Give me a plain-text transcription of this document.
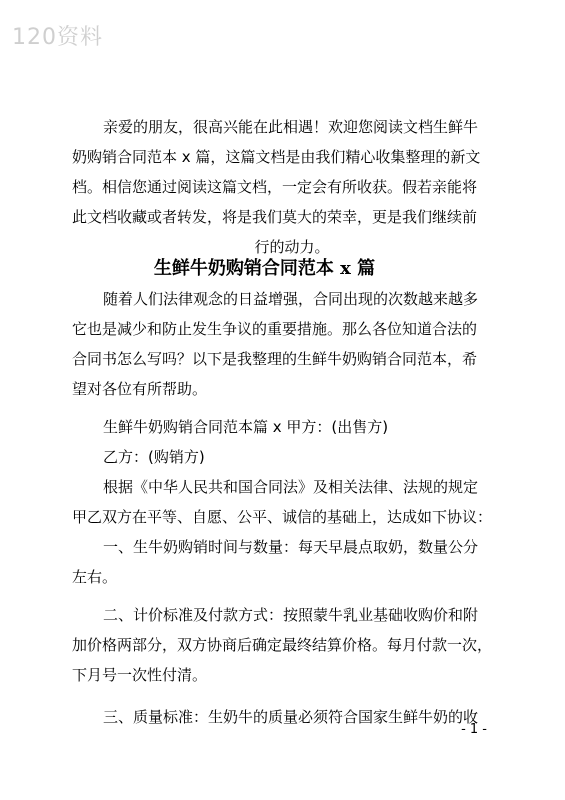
120资料
亲爱的朋友，很高兴能在此相遇！欢迎您阅读文档生鲜牛
奶购销合同范本 x 篇，这篇文档是由我们精心收集整理的新文
档。相信您通过阅读这篇文档，一定会有所收获。假若亲能将
此文档收藏或者转发，将是我们莫大的荣幸，更是我们继续前
行的动力。
生鲜牛奶购销合同范本 x 篇
随着人们法律观念的日益增强，合同出现的次数越来越多
它也是减少和防止发生争议的重要措施。那么各位知道合法的
合同书怎么写吗？以下是我整理的生鲜牛奶购销合同范本，希
望对各位有所帮助。
生鲜牛奶购销合同范本篇 x 甲方：(出售方)
乙方：(购销方)
根据《中华人民共和国合同法》及相关法律、法规的规定
甲乙双方在平等、自愿、公平、诚信的基础上，达成如下协议：
一、生牛奶购销时间与数量：每天早晨点取奶，数量公分
左右。
二、计价标准及付款方式：按照蒙牛乳业基础收购价和附
加价格两部分，双方协商后确定最终结算价格。每月付款一次，
下月号一次性付清。
三、质量标准：生奶牛的质量必须符合国家生鲜牛奶的收
- 1 -
